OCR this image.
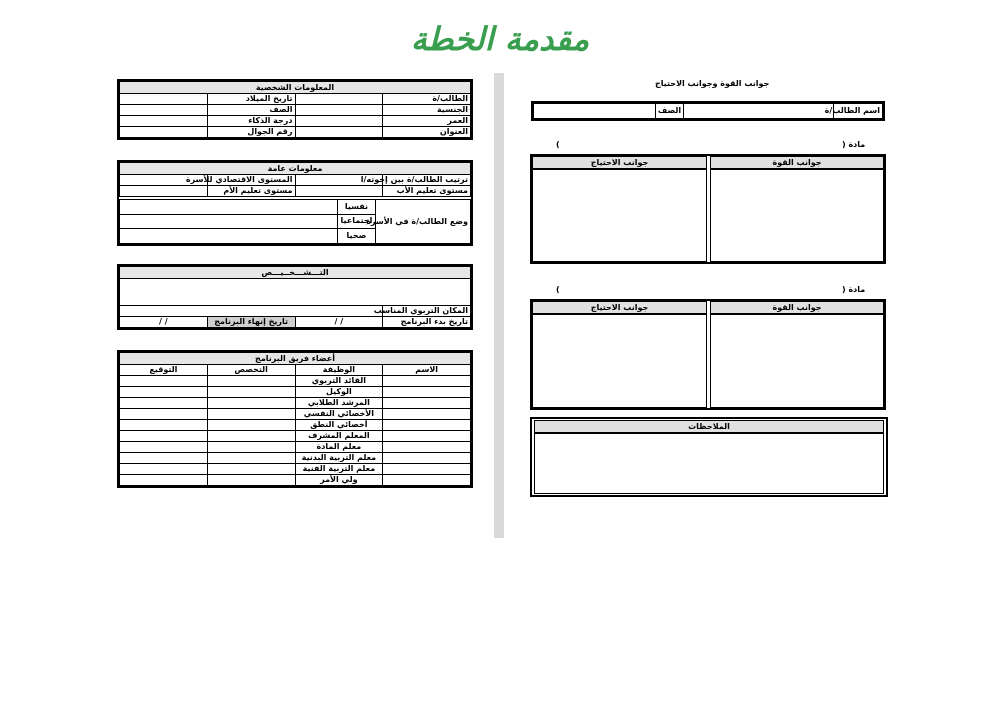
مقدمة الخطة
المعلومات الشخصية			
الطالب/ة		تاريخ الميلاد	
الجنسية		الصف	
العمر		درجة الذكاء	
العنوان		رقم الجوال	
معلومات عامة			
ترتيب الطالب/ة بين إخوته/ا		المستوى الاقتصادي للأسرة	
مستوى تعليم الأب		مستوى تعليم الأم	
وضع الطالب/ة في الأسرة	نفسيا	
	اجتماعيا	
	صحيا	
التـــشـــخــيـــص			

المكان التربوي المناسب			
تاريخ بدء البرنامج	/ /	تاريخ إنهاء البرنامج	/ /
أعضاء فريق البرنامج			
الاسم	الوظيفة	التخصص	التوقيع
	القائد التربوي		
	الوكيل		
	المرشد الطلابي		
	الأخصائي النفسي		
	أخصائي النطق		
	المعلم المشرف		
	معلم المادة		
	معلم التربية البدنية		
	معلم التربية الفنية		
	ولي الأمر		
جوانب القوة وجوانب الاحتياج
اسم الطالب/ة		الصف	
مادة (
)
جوانب القوة
جوانب الاحتياج
مادة (
)
جوانب القوة
جوانب الاحتياج
الملاحظات
